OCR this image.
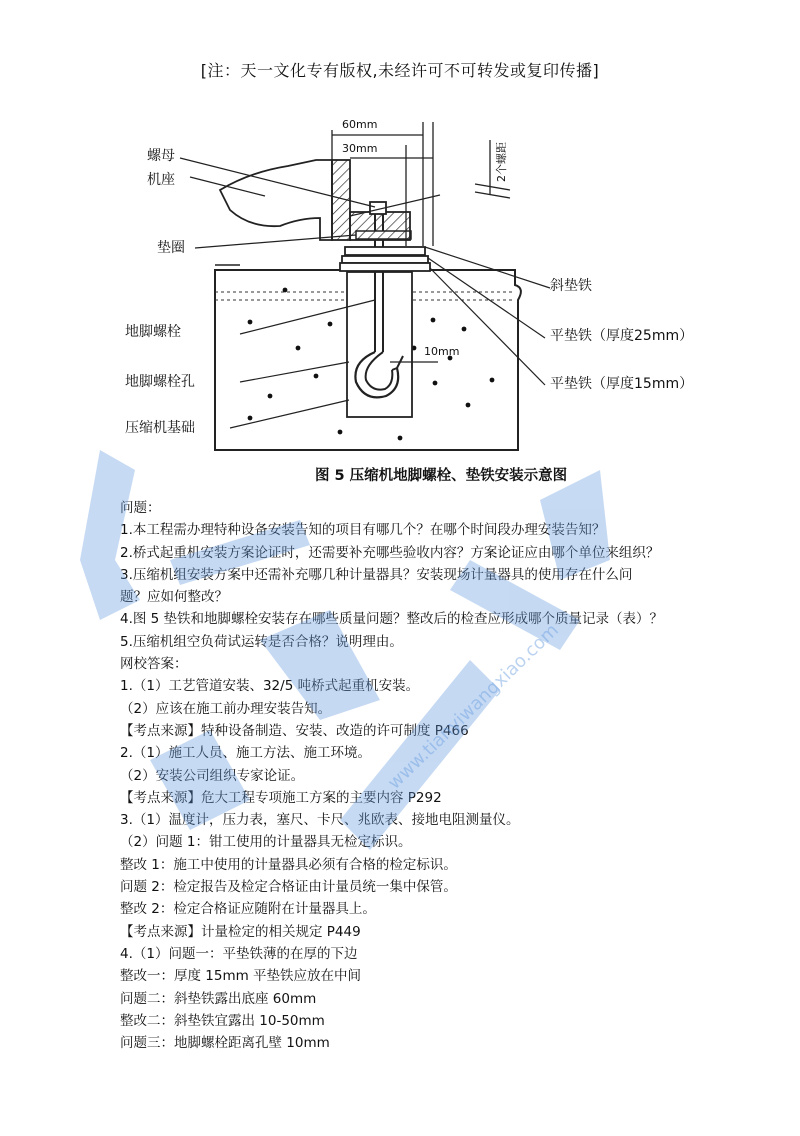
[注：天一文化专有版权,未经许可不可转发或复印传播]
螺母
机座
垫圈
地脚螺栓
地脚螺栓孔
压缩机基础
斜垫铁
平垫铁（厚度25mm）
平垫铁（厚度15mm）
60mm
30mm
10mm
2个螺距
图 5 压缩机地脚螺栓、垫铁安装示意图
问题：
1.本工程需办理特种设备安装告知的项目有哪几个？在哪个时间段办理安装告知？
2.桥式起重机安装方案论证时，还需要补充哪些验收内容？方案论证应由哪个单位来组织？
3.压缩机组安装方案中还需补充哪几种计量器具？安装现场计量器具的使用存在什么问
题？应如何整改？
4.图 5 垫铁和地脚螺栓安装存在哪些质量问题？整改后的检查应形成哪个质量记录（表）？
5.压缩机组空负荷试运转是否合格？说明理由。
网校答案：
1.（1）工艺管道安装、32/5 吨桥式起重机安装。
（2）应该在施工前办理安装告知。
【考点来源】特种设备制造、安装、改造的许可制度 P466
2.（1）施工人员、施工方法、施工环境。
（2）安装公司组织专家论证。
【考点来源】危大工程专项施工方案的主要内容 P292
3.（1）温度计，压力表，塞尺、卡尺、兆欧表、接地电阻测量仪。
（2）问题 1：钳工使用的计量器具无检定标识。
整改 1：施工中使用的计量器具必须有合格的检定标识。
问题 2：检定报告及检定合格证由计量员统一集中保管。
整改 2：检定合格证应随附在计量器具上。
【考点来源】计量检定的相关规定 P449
4.（1）问题一：平垫铁薄的在厚的下边
整改一：厚度 15mm 平垫铁应放在中间
问题二：斜垫铁露出底座 60mm
整改二：斜垫铁宜露出 10-50mm
问题三：地脚螺栓距离孔壁 10mm
www.tianyiwangxiao.com
